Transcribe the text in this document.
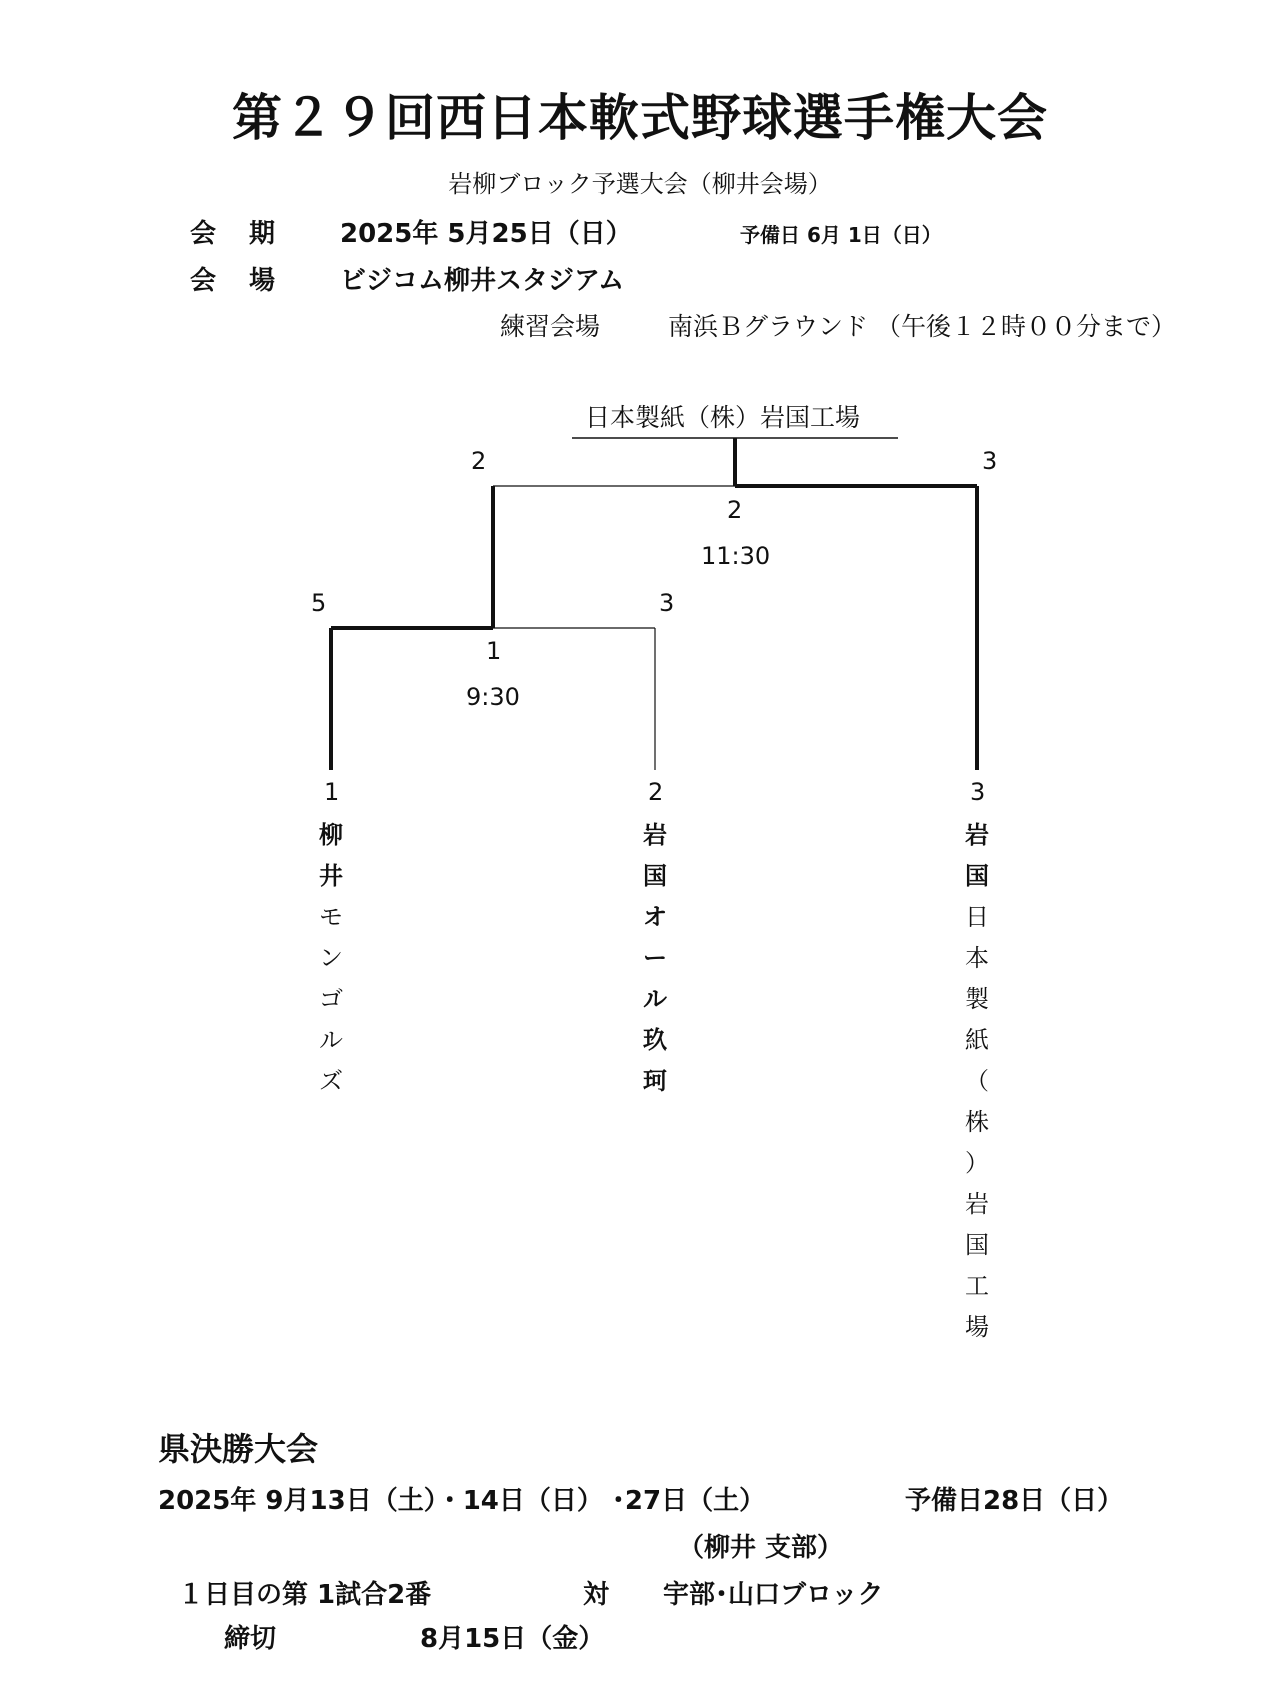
第２９回西日本軟式野球選手権大会
岩柳ブロック予選大会（柳井会場）
会 期 2025年 5月25日（日）	予備日 6月 1日（日）
会 場 ビジコム柳井スタジアム
練習会場	南浜Ｂグラウンド （午後１２時００分まで）
日本製紙（株）岩国工場
2	3
2
11:30
5	3
1
9:30
1	2	3
柳
井
モ
ン
ゴ
ル
ズ
岩
国
オ
ー
ル
玖
珂
岩
国
日
本
製
紙
（
株
）
岩
国
工
場
県決勝大会
2025年 9月13日（土）・14日（日） ･27日（土）	予備日28日（日）
（柳井 支部）
１日目の第 1試合2番	対 宇部･山口ブロック
締切	8月15日（金）
